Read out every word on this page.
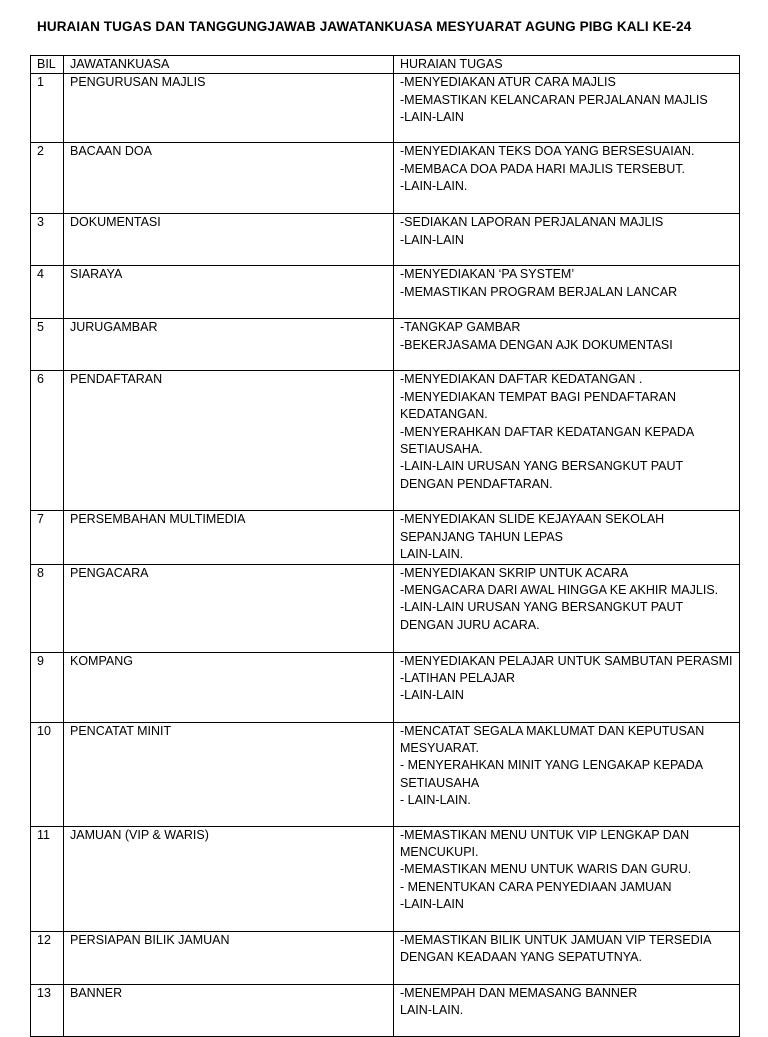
HURAIAN TUGAS DAN TANGGUNGJAWAB JAWATANKUASA MESYUARAT AGUNG PIBG KALI KE-24
BIL	JAWATANKUASA	HURAIAN TUGAS
1	PENGURUSAN MAJLIS	-MENYEDIAKAN ATUR CARA MAJLIS
-MEMASTIKAN KELANCARAN PERJALANAN MAJLIS
-LAIN-LAIN

2	BACAAN DOA	-MENYEDIAKAN TEKS DOA YANG BERSESUAIAN.
-MEMBACA DOA PADA HARI MAJLIS TERSEBUT.
-LAIN-LAIN.

3	DOKUMENTASI	-SEDIAKAN LAPORAN PERJALANAN MAJLIS
-LAIN-LAIN

4	SIARAYA	-MENYEDIAKAN ‘PA SYSTEM’
-MEMASTIKAN PROGRAM BERJALAN LANCAR

5	JURUGAMBAR	-TANGKAP GAMBAR
-BEKERJASAMA DENGAN AJK DOKUMENTASI

6	PENDAFTARAN	-MENYEDIAKAN DAFTAR KEDATANGAN .
-MENYEDIAKAN TEMPAT BAGI PENDAFTARAN KEDATANGAN.
-MENYERAHKAN DAFTAR KEDATANGAN KEPADA SETIAUSAHA.
-LAIN-LAIN URUSAN YANG BERSANGKUT PAUT DENGAN PENDAFTARAN.

7	PERSEMBAHAN MULTIMEDIA	-MENYEDIAKAN SLIDE KEJAYAAN SEKOLAH SEPANJANG TAHUN LEPAS
LAIN-LAIN.

8	PENGACARA	-MENYEDIAKAN SKRIP UNTUK ACARA
-MENGACARA DARI AWAL HINGGA KE AKHIR MAJLIS.
-LAIN-LAIN URUSAN YANG BERSANGKUT PAUT DENGAN JURU ACARA.

9	KOMPANG	-MENYEDIAKAN PELAJAR UNTUK SAMBUTAN PERASMI
-LATIHAN PELAJAR
-LAIN-LAIN

10	PENCATAT MINIT	-MENCATAT SEGALA MAKLUMAT DAN KEPUTUSAN MESYUARAT.
- MENYERAHKAN MINIT YANG LENGAKAP KEPADA SETIAUSAHA
- LAIN-LAIN.

11	JAMUAN (VIP & WARIS)	-MEMASTIKAN MENU UNTUK VIP LENGKAP DAN MENCUKUPI.
-MEMASTIKAN MENU UNTUK WARIS DAN GURU.
- MENENTUKAN CARA PENYEDIAAN JAMUAN
-LAIN-LAIN

12	PERSIAPAN BILIK JAMUAN	-MEMASTIKAN BILIK UNTUK JAMUAN VIP TERSEDIA DENGAN KEADAAN YANG SEPATUTNYA.

13	BANNER	-MENEMPAH DAN MEMASANG BANNER
LAIN-LAIN.
